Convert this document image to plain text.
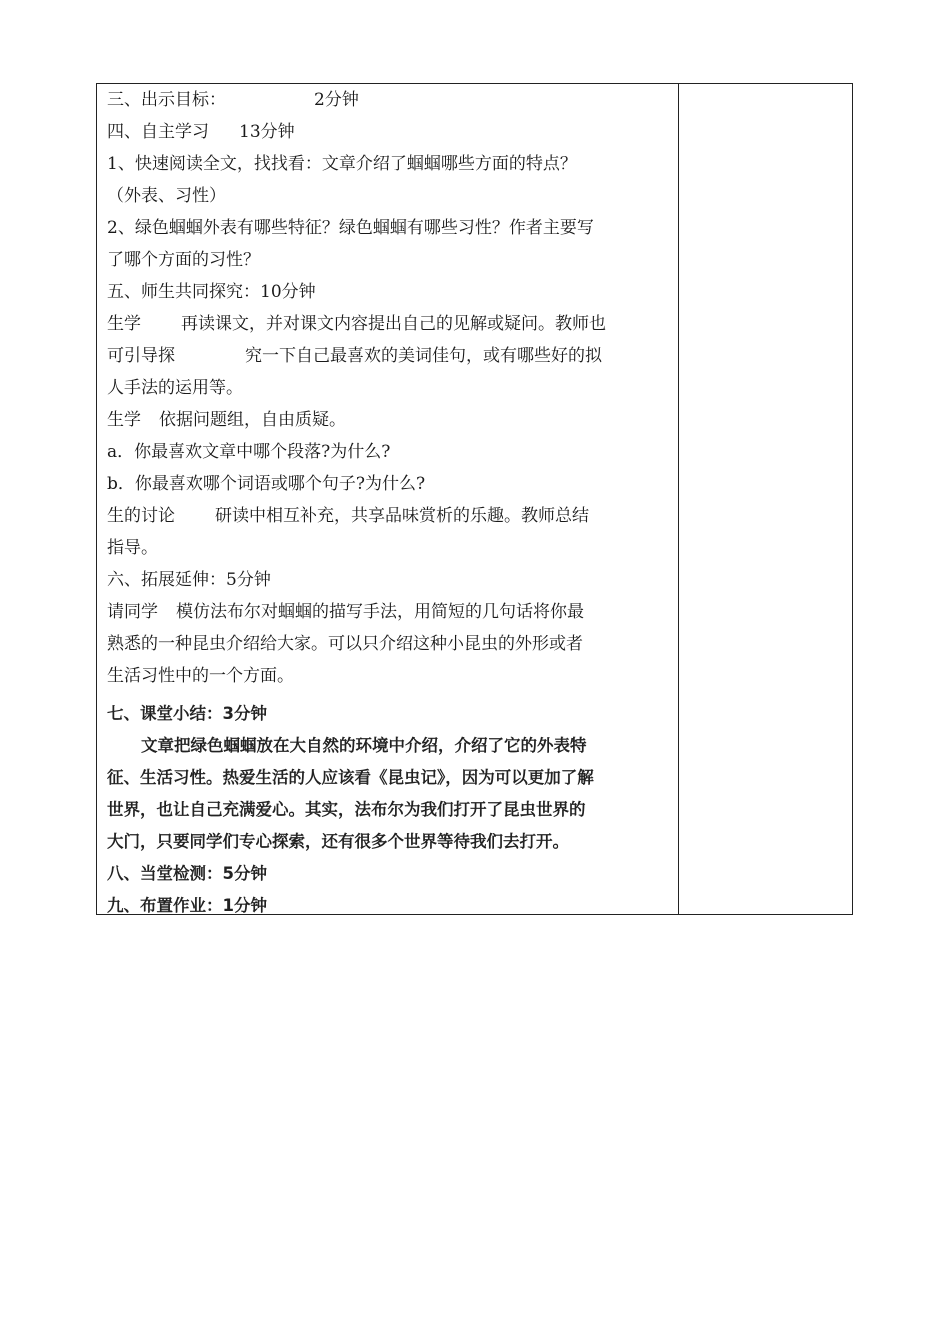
三、出示目标：	2分钟
四、自主学习 13分钟
1、快速阅读全文，找找看：文章介绍了蝈蝈哪些方面的特点？
（外表、习性）
2、绿色蝈蝈外表有哪些特征？绿色蝈蝈有哪些习性？作者主要写
了哪个方面的习性？
五、师生共同探究：10分钟
生学 再读课文，并对课文内容提出自己的见解或疑问。教师也
可引导探	究一下自己最喜欢的美词佳句，或有哪些好的拟
人手法的运用等。
生学 依据问题组，自由质疑。
a．你最喜欢文章中哪个段落?为什么?
b．你最喜欢哪个词语或哪个句子?为什么?
生的讨论 研读中相互补充，共享品味赏析的乐趣。教师总结
指导。
六、拓展延伸：5分钟
请同学 模仿法布尔对蝈蝈的描写手法，用简短的几句话将你最
熟悉的一种昆虫介绍给大家。可以只介绍这种小昆虫的外形或者
生活习性中的一个方面。
七、课堂小结：3分钟
文章把绿色蝈蝈放在大自然的环境中介绍，介绍了它的外表特
征、生活习性。热爱生活的人应该看《昆虫记》，因为可以更加了解
世界，也让自己充满爱心。其实，法布尔为我们打开了昆虫世界的
大门，只要同学们专心探索，还有很多个世界等待我们去打开。
八、当堂检测：5分钟
九、布置作业：1分钟
